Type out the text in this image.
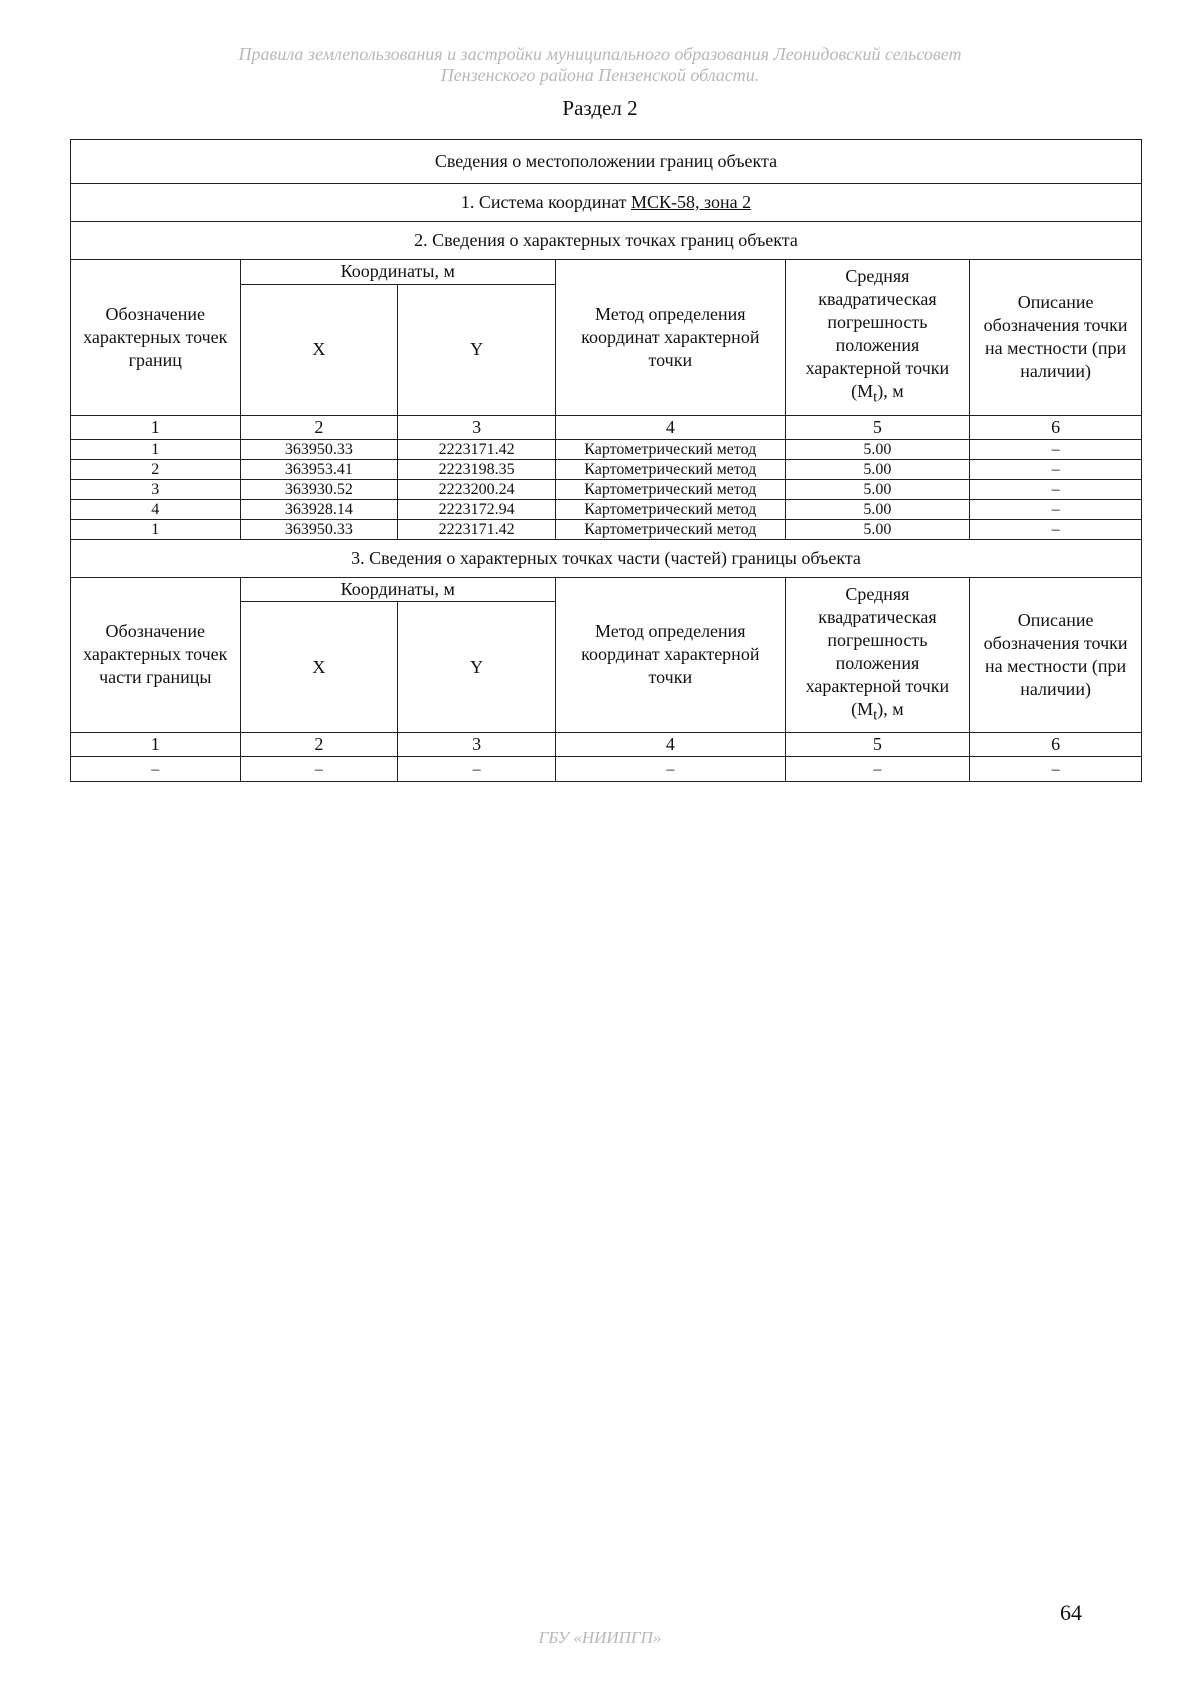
Правила землепользования и застройки муниципального образования Леонидовский сельсовет
Пензенского района Пензенской области.
Раздел 2
Сведения о местоположении границ объекта					
1. Система координат МСК-58, зона 2					
2. Сведения о характерных точках границ объекта					
Обозначение характерных точек границ	Координаты, м		Метод определения координат характерной точки	Средняя квадратическая погрешность положения характерной точки $(M_t)$, м	Описание обозначения точки на местности (при наличии)
	X	Y			
1	2	3	4	5	6
1	363950.33	2223171.42	Картометрический метод	5.00	–
2	363953.41	2223198.35	Картометрический метод	5.00	–
3	363930.52	2223200.24	Картометрический метод	5.00	–
4	363928.14	2223172.94	Картометрический метод	5.00	–
1	363950.33	2223171.42	Картометрический метод	5.00	–
3. Сведения о характерных точках части (частей) границы объекта					
Обозначение характерных точек части границы	Координаты, м		Метод определения координат характерной точки	Средняя квадратическая погрешность положения характерной точки $(M_t)$, м	Описание обозначения точки на местности (при наличии)
	X	Y			
1	2	3	4	5	6
–	–	–	–	–	–
64
ГБУ «НИИПГП»
